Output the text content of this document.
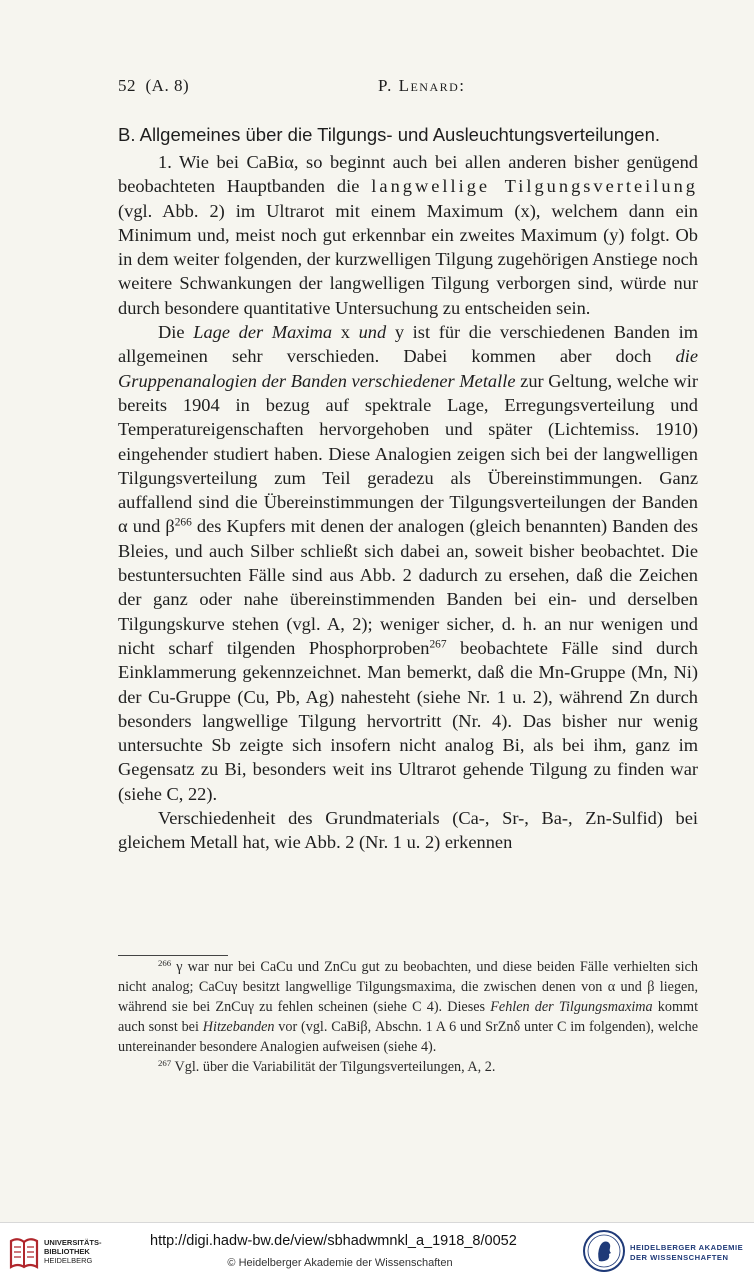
52 (A. 8)	P. Lenard:
B. Allgemeines über die Tilgungs- und Ausleuchtungsverteilungen.

1. Wie bei CaBiα, so beginnt auch bei allen anderen bisher genügend beobachteten Hauptbanden die langwellige Tilgungsverteilung (vgl. Abb. 2) im Ultrarot mit einem Maximum (x), welchem dann ein Minimum und, meist noch gut erkennbar ein zweites Maximum (y) folgt. Ob in dem weiter folgenden, der kurzwelligen Tilgung zugehörigen Anstiege noch weitere Schwankungen der langwelligen Tilgung verborgen sind, würde nur durch besondere quantitative Untersuchung zu entscheiden sein.

Die Lage der Maxima x und y ist für die verschiedenen Banden im allgemeinen sehr verschieden. Dabei kommen aber doch die Gruppenanalogien der Banden verschiedener Metalle zur Geltung, welche wir bereits 1904 in bezug auf spektrale Lage, Erregungsverteilung und Temperatureigenschaften hervorgehoben und später (Lichtemiss. 1910) eingehender studiert haben. Diese Analogien zeigen sich bei der langwelligen Tilgungsverteilung zum Teil geradezu als Übereinstimmungen. Ganz auffallend sind die Übereinstimmungen der Tilgungsverteilungen der Banden α und $\beta^{266}$ des Kupfers mit denen der analogen (gleich benannten) Banden des Bleies, und auch Silber schließt sich dabei an, soweit bisher beobachtet. Die bestuntersuchten Fälle sind aus Abb. 2 dadurch zu ersehen, daß die Zeichen der ganz oder nahe übereinstimmenden Banden bei ein- und derselben Tilgungskurve stehen (vgl. A, 2); weniger sicher, d. h. an nur wenigen und nicht scharf tilgenden Phosphorproben$^{267}$ beobachtete Fälle sind durch Einklammerung gekennzeichnet. Man bemerkt, daß die Mn-Gruppe (Mn, Ni) der Cu-Gruppe (Cu, Pb, Ag) nahesteht (siehe Nr. 1 u. 2), während Zn durch besonders langwellige Tilgung hervortritt (Nr. 4). Das bisher nur wenig untersuchte Sb zeigte sich insofern nicht analog Bi, als bei ihm, ganz im Gegensatz zu Bi, besonders weit ins Ultrarot gehende Tilgung zu finden war (siehe C, 22).

Verschiedenheit des Grundmaterials (Ca-, Sr-, Ba-, Zn-Sulfid) bei gleichem Metall hat, wie Abb. 2 (Nr. 1 u. 2) erkennen

$^{266}$ γ war nur bei CaCu und ZnCu gut zu beobachten, und diese beiden Fälle verhielten sich nicht analog; CaCuγ besitzt langwellige Tilgungsmaxima, die zwischen denen von α und β liegen, während sie bei ZnCuγ zu fehlen scheinen (siehe C 4). Dieses Fehlen der Tilgungsmaxima kommt auch sonst bei Hitzebanden vor (vgl. CaBiβ, Abschn. 1 A 6 und SrZnδ unter C im folgenden), welche untereinander besondere Analogien aufweisen (siehe 4).

$^{267}$ Vgl. über die Variabilität der Tilgungsverteilungen, A, 2.

UNIVERSITÄTS-
BIBLIOTHEK
HEIDELBERG
http://digi.hadw-bw.de/view/sbhadwmnkl_a_1918_8/0052
© Heidelberger Akademie der Wissenschaften
HEIDELBERGER AKADEMIE
DER WISSENSCHAFTEN
